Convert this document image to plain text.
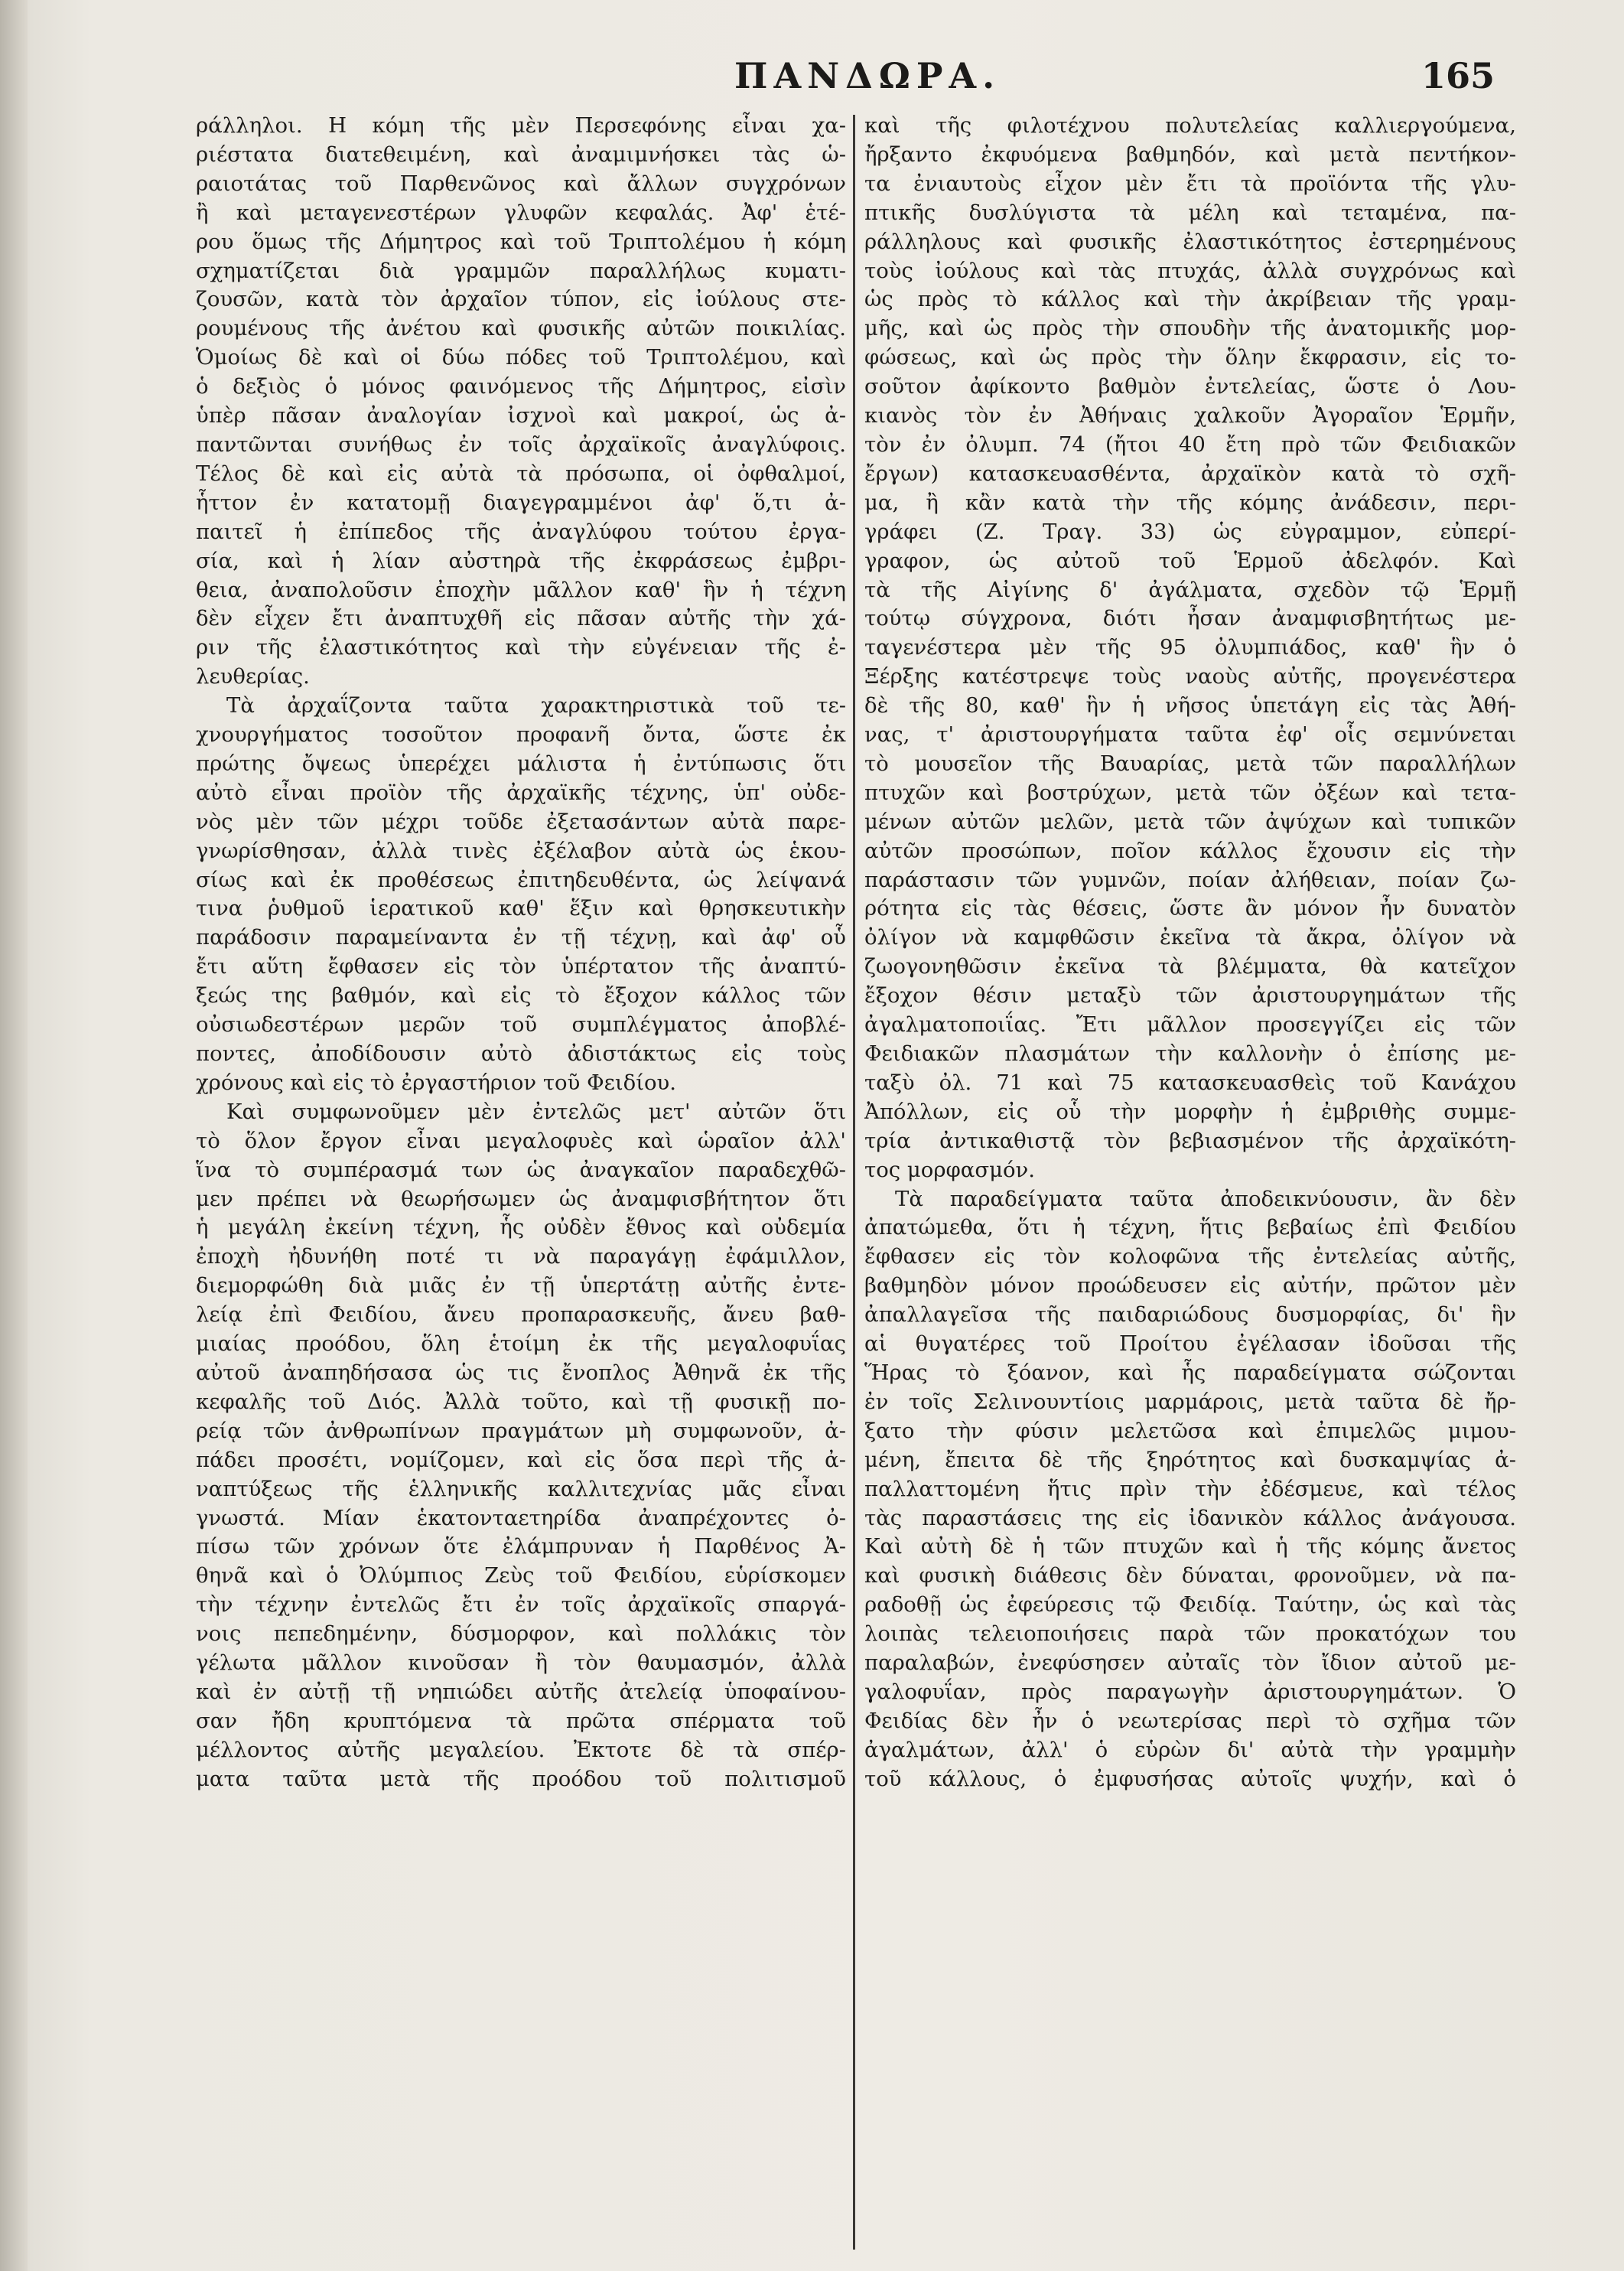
ΠΑΝΔΩΡΑ.	165
ράλληλοι. Η κόμη τῆς μὲν Περσεφόνης εἶναι χα-
ριέστατα διατεθειμένη, καὶ ἀναμιμνήσκει τὰς ὡ-
ραιοτάτας τοῦ Παρθενῶνος καὶ ἄλλων συγχρόνων
ἢ καὶ μεταγενεστέρων γλυφῶν κεφαλάς. Ἀφ' ἑτέ-
ρου ὅμως τῆς Δήμητρος καὶ τοῦ Τριπτολέμου ἡ κόμη
σχηματίζεται διὰ γραμμῶν παραλλήλως κυματι-
ζουσῶν, κατὰ τὸν ἀρχαῖον τύπον, εἰς ἰούλους στε-
ρουμένους τῆς ἀνέτου καὶ φυσικῆς αὐτῶν ποικιλίας.
Ὁμοίως δὲ καὶ οἱ δύω πόδες τοῦ Τριπτολέμου, καὶ
ὁ δεξιὸς ὁ μόνος φαινόμενος τῆς Δήμητρος, εἰσὶν
ὑπὲρ πᾶσαν ἀναλογίαν ἰσχνοὶ καὶ μακροί, ὡς ἀ-
παντῶνται συνήθως ἐν τοῖς ἀρχαϊκοῖς ἀναγλύφοις.
Τέλος δὲ καὶ εἰς αὐτὰ τὰ πρόσωπα, οἱ ὀφθαλμοί,
ἧττον ἐν κατατομῇ διαγεγραμμένοι ἀφ' ὅ,τι ἀ-
παιτεῖ ἡ ἐπίπεδος τῆς ἀναγλύφου τούτου ἐργα-
σία, καὶ ἡ λίαν αὐστηρὰ τῆς ἐκφράσεως ἐμβρι-
θεια, ἀναπολοῦσιν ἐποχὴν μᾶλλον καθ' ἣν ἡ τέχνη
δὲν εἶχεν ἔτι ἀναπτυχθῆ εἰς πᾶσαν αὐτῆς τὴν χά-
ριν τῆς ἐλαστικότητος καὶ τὴν εὐγένειαν τῆς ἐ-
λευθερίας.
Τὰ ἀρχαΐζοντα ταῦτα χαρακτηριστικὰ τοῦ τε-
χνουργήματος τοσοῦτον προφανῆ ὄντα, ὥστε ἐκ
πρώτης ὄψεως ὑπερέχει μάλιστα ἡ ἐντύπωσις ὅτι
αὐτὸ εἶναι προϊὸν τῆς ἀρχαϊκῆς τέχνης, ὑπ' οὐδε-
νὸς μὲν τῶν μέχρι τοῦδε ἐξετασάντων αὐτὰ παρε-
γνωρίσθησαν, ἀλλὰ τινὲς ἐξέλαβον αὐτὰ ὡς ἑκου-
σίως καὶ ἐκ προθέσεως ἐπιτηδευθέντα, ὡς λείψανά
τινα ῥυθμοῦ ἱερατικοῦ καθ' ἕξιν καὶ θρησκευτικὴν
παράδοσιν παραμείναντα ἐν τῇ τέχνῃ, καὶ ἀφ' οὗ
ἔτι αὕτη ἔφθασεν εἰς τὸν ὑπέρτατον τῆς ἀναπτύ-
ξεώς της βαθμόν, καὶ εἰς τὸ ἔξοχον κάλλος τῶν
οὐσιωδεστέρων μερῶν τοῦ συμπλέγματος ἀποβλέ-
ποντες, ἀποδίδουσιν αὐτὸ ἀδιστάκτως εἰς τοὺς
χρόνους καὶ εἰς τὸ ἐργαστήριον τοῦ Φειδίου.
Καὶ συμφωνοῦμεν μὲν ἐντελῶς μετ' αὐτῶν ὅτι
τὸ ὅλον ἔργον εἶναι μεγαλοφυὲς καὶ ὡραῖον ἀλλ'
ἵνα τὸ συμπέρασμά των ὡς ἀναγκαῖον παραδεχθῶ-
μεν πρέπει νὰ θεωρήσωμεν ὡς ἀναμφισβήτητον ὅτι
ἡ μεγάλη ἐκείνη τέχνη, ἧς οὐδὲν ἔθνος καὶ οὐδεμία
ἐποχὴ ἠδυνήθη ποτέ τι νὰ παραγάγῃ ἐφάμιλλον,
διεμορφώθη διὰ μιᾶς ἐν τῇ ὑπερτάτῃ αὐτῆς ἐντε-
λείᾳ ἐπὶ Φειδίου, ἄνευ προπαρασκευῆς, ἄνευ βαθ-
μιαίας προόδου, ὅλη ἑτοίμη ἐκ τῆς μεγαλοφυΐας
αὐτοῦ ἀναπηδήσασα ὡς τις ἔνοπλος Ἀθηνᾶ ἐκ τῆς
κεφαλῆς τοῦ Διός. Ἀλλὰ τοῦτο, καὶ τῇ φυσικῇ πο-
ρείᾳ τῶν ἀνθρωπίνων πραγμάτων μὴ συμφωνοῦν, ἀ-
πάδει προσέτι, νομίζομεν, καὶ εἰς ὅσα περὶ τῆς ἀ-
ναπτύξεως τῆς ἑλληνικῆς καλλιτεχνίας μᾶς εἶναι
γνωστά. Μίαν ἑκατονταετηρίδα ἀναπρέχοντες ὀ-
πίσω τῶν χρόνων ὅτε ἐλάμπρυναν ἡ Παρθένος Ἀ-
θηνᾶ καὶ ὁ Ὀλύμπιος Ζεὺς τοῦ Φειδίου, εὑρίσκομεν
τὴν τέχνην ἐντελῶς ἔτι ἐν τοῖς ἀρχαϊκοῖς σπαργά-
νοις πεπεδημένην, δύσμορφον, καὶ πολλάκις τὸν
γέλωτα μᾶλλον κινοῦσαν ἢ τὸν θαυμασμόν, ἀλλὰ
καὶ ἐν αὐτῇ τῇ νηπιώδει αὐτῆς ἀτελείᾳ ὑποφαίνου-
σαν ἤδη κρυπτόμενα τὰ πρῶτα σπέρματα τοῦ
μέλλοντος αὐτῆς μεγαλείου. Ἐκτοτε δὲ τὰ σπέρ-
ματα ταῦτα μετὰ τῆς προόδου τοῦ πολιτισμοῦ
καὶ τῆς φιλοτέχνου πολυτελείας καλλιεργούμενα,
ἤρξαντο ἐκφυόμενα βαθμηδόν, καὶ μετὰ πεντήκον-
τα ἐνιαυτοὺς εἶχον μὲν ἔτι τὰ προϊόντα τῆς γλυ-
πτικῆς δυσλύγιστα τὰ μέλη καὶ τεταμένα, πα-
ράλληλους καὶ φυσικῆς ἐλαστικότητος ἐστερημένους
τοὺς ἰούλους καὶ τὰς πτυχάς, ἀλλὰ συγχρόνως καὶ
ὡς πρὸς τὸ κάλλος καὶ τὴν ἀκρίβειαν τῆς γραμ-
μῆς, καὶ ὡς πρὸς τὴν σπουδὴν τῆς ἀνατομικῆς μορ-
φώσεως, καὶ ὡς πρὸς τὴν ὅλην ἔκφρασιν, εἰς το-
σοῦτον ἀφίκοντο βαθμὸν ἐντελείας, ὥστε ὁ Λου-
κιανὸς τὸν ἐν Ἀθήναις χαλκοῦν Ἀγοραῖον Ἑρμῆν,
τὸν ἐν ὀλυμπ. 74 (ἤτοι 40 ἔτη πρὸ τῶν Φειδιακῶν
ἔργων) κατασκευασθέντα, ἀρχαϊκὸν κατὰ τὸ σχῆ-
μα, ἢ κἂν κατὰ τὴν τῆς κόμης ἀνάδεσιν, περι-
γράφει (Ζ. Τραγ. 33) ὡς εὐγραμμον, εὐπερί-
γραφον, ὡς αὐτοῦ τοῦ Ἑρμοῦ ἀδελφόν. Καὶ
τὰ τῆς Αἰγίνης δ' ἀγάλματα, σχεδὸν τῷ Ἑρμῇ
τούτῳ σύγχρονα, διότι ἦσαν ἀναμφισβητήτως με-
ταγενέστερα μὲν τῆς 95 ὀλυμπιάδος, καθ' ἣν ὁ
Ξέρξης κατέστρεψε τοὺς ναοὺς αὐτῆς, προγενέστερα
δὲ τῆς 80, καθ' ἣν ἡ νῆσος ὑπετάγη εἰς τὰς Ἀθή-
νας, τ' ἀριστουργήματα ταῦτα ἐφ' οἷς σεμνύνεται
τὸ μουσεῖον τῆς Βαυαρίας, μετὰ τῶν παραλλήλων
πτυχῶν καὶ βοστρύχων, μετὰ τῶν ὀξέων καὶ τετα-
μένων αὐτῶν μελῶν, μετὰ τῶν ἀψύχων καὶ τυπικῶν
αὐτῶν προσώπων, ποῖον κάλλος ἔχουσιν εἰς τὴν
παράστασιν τῶν γυμνῶν, ποίαν ἀλήθειαν, ποίαν ζω-
ρότητα εἰς τὰς θέσεις, ὥστε ἂν μόνον ἦν δυνατὸν
ὀλίγον νὰ καμφθῶσιν ἐκεῖνα τὰ ἄκρα, ὀλίγον νὰ
ζωογονηθῶσιν ἐκεῖνα τὰ βλέμματα, θὰ κατεῖχον
ἔξοχον θέσιν μεταξὺ τῶν ἀριστουργημάτων τῆς
ἀγαλματοποιΐας. Ἔτι μᾶλλον προσεγγίζει εἰς τῶν
Φειδιακῶν πλασμάτων τὴν καλλονὴν ὁ ἐπίσης με-
ταξὺ ὀλ. 71 καὶ 75 κατασκευασθεὶς τοῦ Κανάχου
Ἀπόλλων, εἰς οὗ τὴν μορφὴν ἡ ἐμβριθὴς συμμε-
τρία ἀντικαθιστᾷ τὸν βεβιασμένον τῆς ἀρχαϊκότη-
τος μορφασμόν.
Τὰ παραδείγματα ταῦτα ἀποδεικνύουσιν, ἂν δὲν
ἀπατώμεθα, ὅτι ἡ τέχνη, ἥτις βεβαίως ἐπὶ Φειδίου
ἔφθασεν εἰς τὸν κολοφῶνα τῆς ἐντελείας αὐτῆς,
βαθμηδὸν μόνον προώδευσεν εἰς αὐτήν, πρῶτον μὲν
ἀπαλλαγεῖσα τῆς παιδαριώδους δυσμορφίας, δι' ἣν
αἱ θυγατέρες τοῦ Προίτου ἐγέλασαν ἰδοῦσαι τῆς
Ἥρας τὸ ξόανον, καὶ ἧς παραδείγματα σώζονται
ἐν τοῖς Σελινουντίοις μαρμάροις, μετὰ ταῦτα δὲ ἤρ-
ξατο τὴν φύσιν μελετῶσα καὶ ἐπιμελῶς μιμου-
μένη, ἔπειτα δὲ τῆς ξηρότητος καὶ δυσκαμψίας ἀ-
παλλαττομένη ἥτις πρὶν τὴν ἐδέσμευε, καὶ τέλος
τὰς παραστάσεις της εἰς ἰδανικὸν κάλλος ἀνάγουσα.
Καὶ αὐτὴ δὲ ἡ τῶν πτυχῶν καὶ ἡ τῆς κόμης ἄνετος
καὶ φυσικὴ διάθεσις δὲν δύναται, φρονοῦμεν, νὰ πα-
ραδοθῇ ὡς ἐφεύρεσις τῷ Φειδίᾳ. Ταύτην, ὡς καὶ τὰς
λοιπὰς τελειοποιήσεις παρὰ τῶν προκατόχων του
παραλαβών, ἐνεφύσησεν αὐταῖς τὸν ἴδιον αὐτοῦ με-
γαλοφυΐαν, πρὸς παραγωγὴν ἀριστουργημάτων. Ὁ
Φειδίας δὲν ἦν ὁ νεωτερίσας περὶ τὸ σχῆμα τῶν
ἀγαλμάτων, ἀλλ' ὁ εὑρὼν δι' αὐτὰ τὴν γραμμὴν
τοῦ κάλλους, ὁ ἐμφυσήσας αὐτοῖς ψυχήν, καὶ ὁ
